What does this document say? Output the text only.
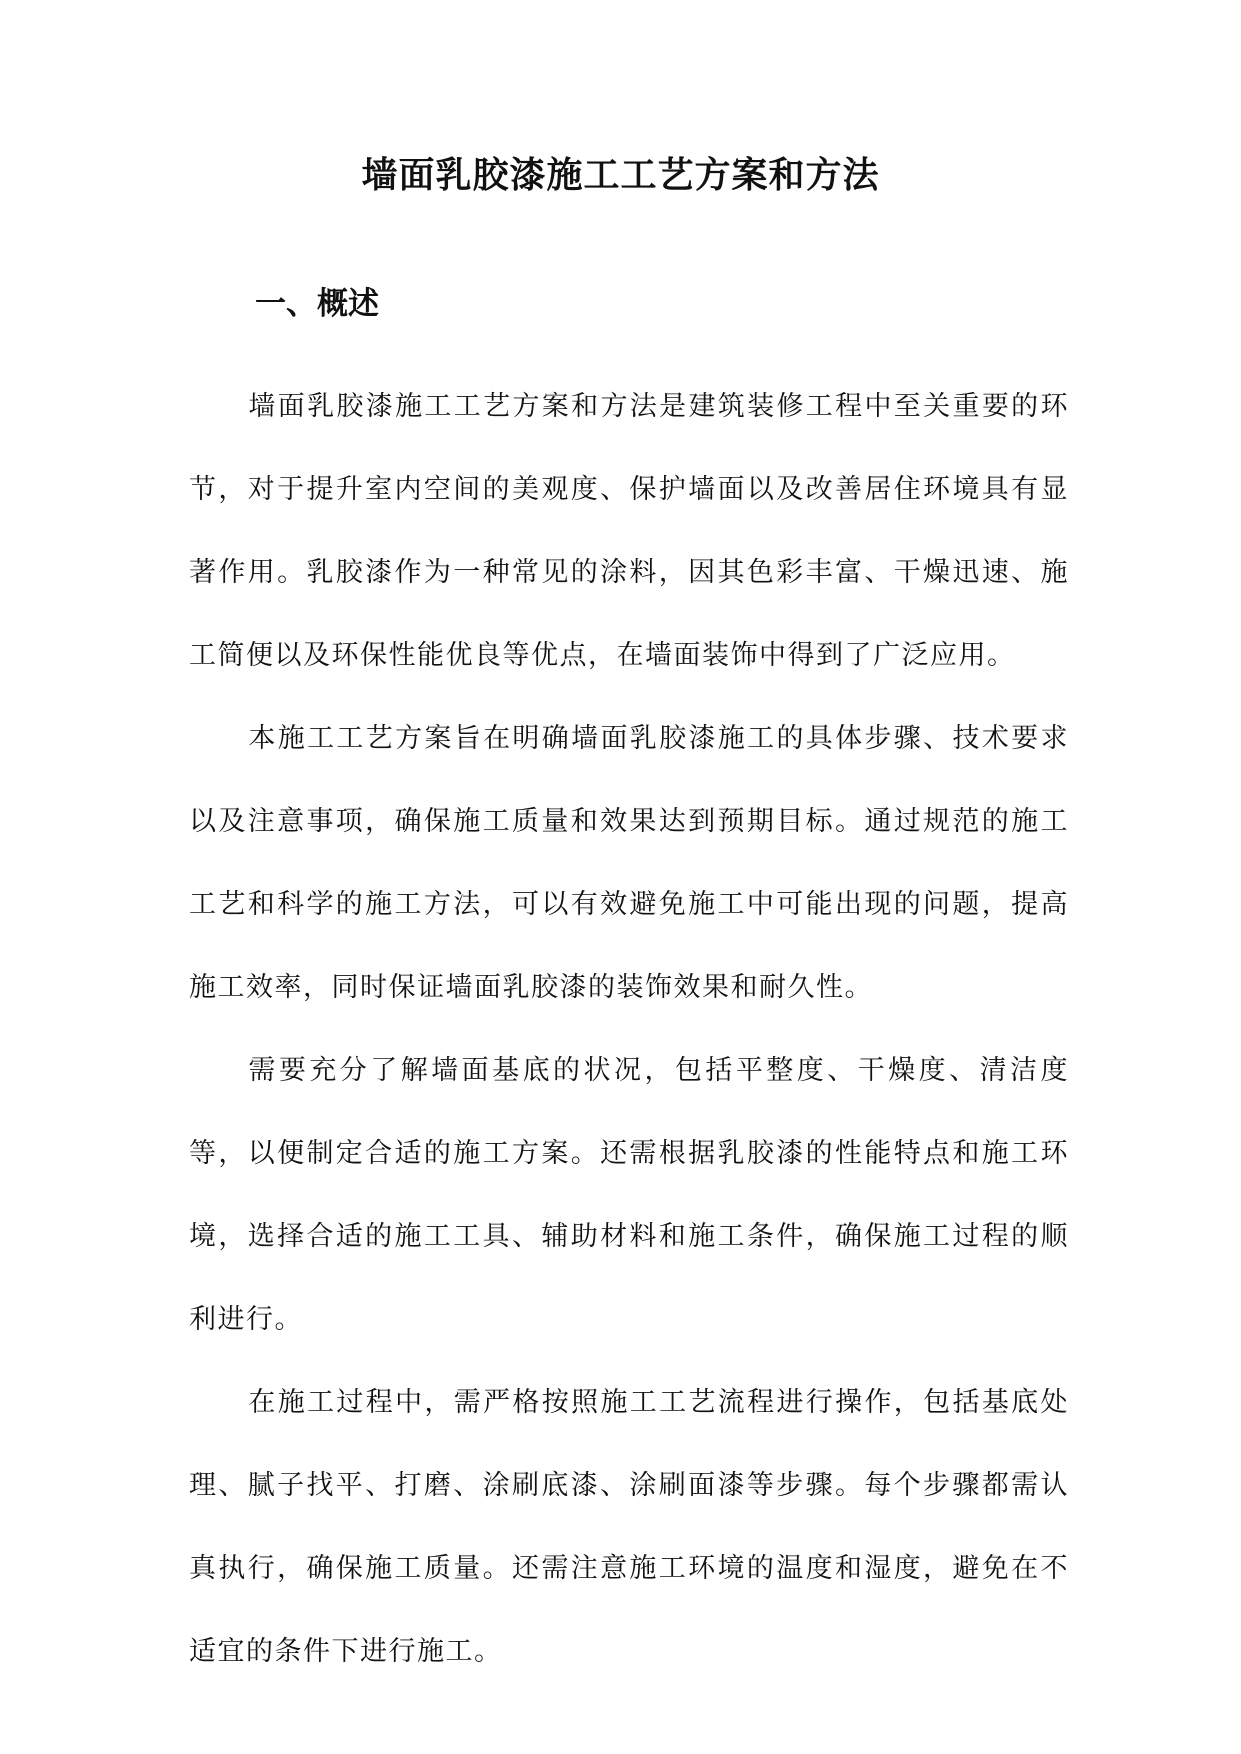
墙面乳胶漆施工工艺方案和方法
一、概述

墙面乳胶漆施工工艺方案和方法是建筑装修工程中至关重要的环节，对于提升室内空间的美观度、保护墙面以及改善居住环境具有显著作用。乳胶漆作为一种常见的涂料，因其色彩丰富、干燥迅速、施工简便以及环保性能优良等优点，在墙面装饰中得到了广泛应用。

本施工工艺方案旨在明确墙面乳胶漆施工的具体步骤、技术要求以及注意事项，确保施工质量和效果达到预期目标。通过规范的施工工艺和科学的施工方法，可以有效避免施工中可能出现的问题，提高施工效率，同时保证墙面乳胶漆的装饰效果和耐久性。

需要充分了解墙面基底的状况，包括平整度、干燥度、清洁度等，以便制定合适的施工方案。还需根据乳胶漆的性能特点和施工环境，选择合适的施工工具、辅助材料和施工条件，确保施工过程的顺利进行。

在施工过程中，需严格按照施工工艺流程进行操作，包括基底处理、腻子找平、打磨、涂刷底漆、涂刷面漆等步骤。每个步骤都需认真执行，确保施工质量。还需注意施工环境的温度和湿度，避免在不适宜的条件下进行施工。
